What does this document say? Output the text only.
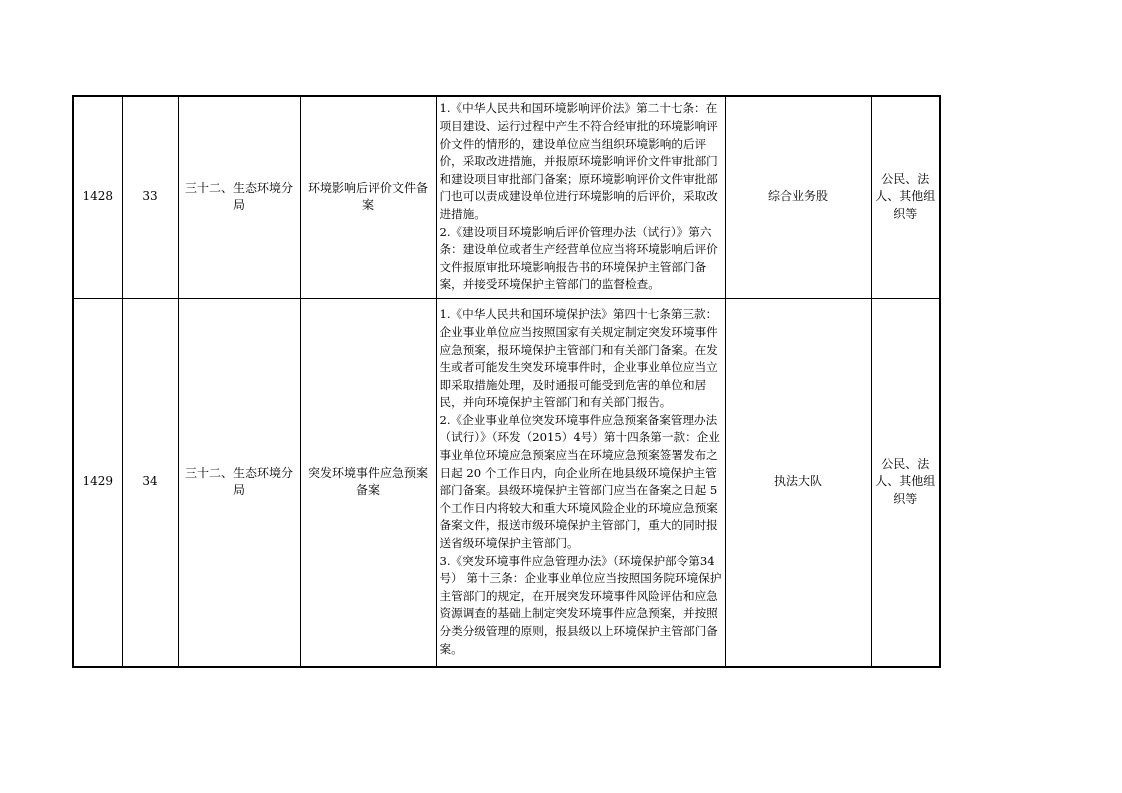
1428	33	三十二、生态环境分局	环境影响后评价文件备案	1.《中华人民共和国环境影响评价法》第二十七条：在项目建设、运行过程中产生不符合经审批的环境影响评价文件的情形的，建设单位应当组织环境影响的后评价，采取改进措施，并报原环境影响评价文件审批部门和建设项目审批部门备案；原环境影响评价文件审批部门也可以责成建设单位进行环境影响的后评价，采取改进措施。
2.《建设项目环境影响后评价管理办法（试行）》第六条：建设单位或者生产经营单位应当将环境影响后评价文件报原审批环境影响报告书的环境保护主管部门备案，并接受环境保护主管部门的监督检查。	综合业务股	公民、法人、其他组织等

1429	34	三十二、生态环境分局	突发环境事件应急预案备案	1.《中华人民共和国环境保护法》第四十七条第三款：企业事业单位应当按照国家有关规定制定突发环境事件应急预案，报环境保护主管部门和有关部门备案。在发生或者可能发生突发环境事件时，企业事业单位应当立即采取措施处理，及时通报可能受到危害的单位和居民，并向环境保护主管部门和有关部门报告。
2.《企业事业单位突发环境事件应急预案备案管理办法（试行）》（环发（2015）4号）第十四条第一款：企业事业单位环境应急预案应当在环境应急预案签署发布之日起 20 个工作日内，向企业所在地县级环境保护主管部门备案。县级环境保护主管部门应当在备案之日起 5 个工作日内将较大和重大环境风险企业的环境应急预案备案文件，报送市级环境保护主管部门，重大的同时报送省级环境保护主管部门。
3.《突发环境事件应急管理办法》（环境保护部令第34号） 第十三条：企业事业单位应当按照国务院环境保护主管部门的规定，在开展突发环境事件风险评估和应急资源调查的基础上制定突发环境事件应急预案，并按照分类分级管理的原则，报县级以上环境保护主管部门备案。	执法大队	公民、法人、其他组织等
